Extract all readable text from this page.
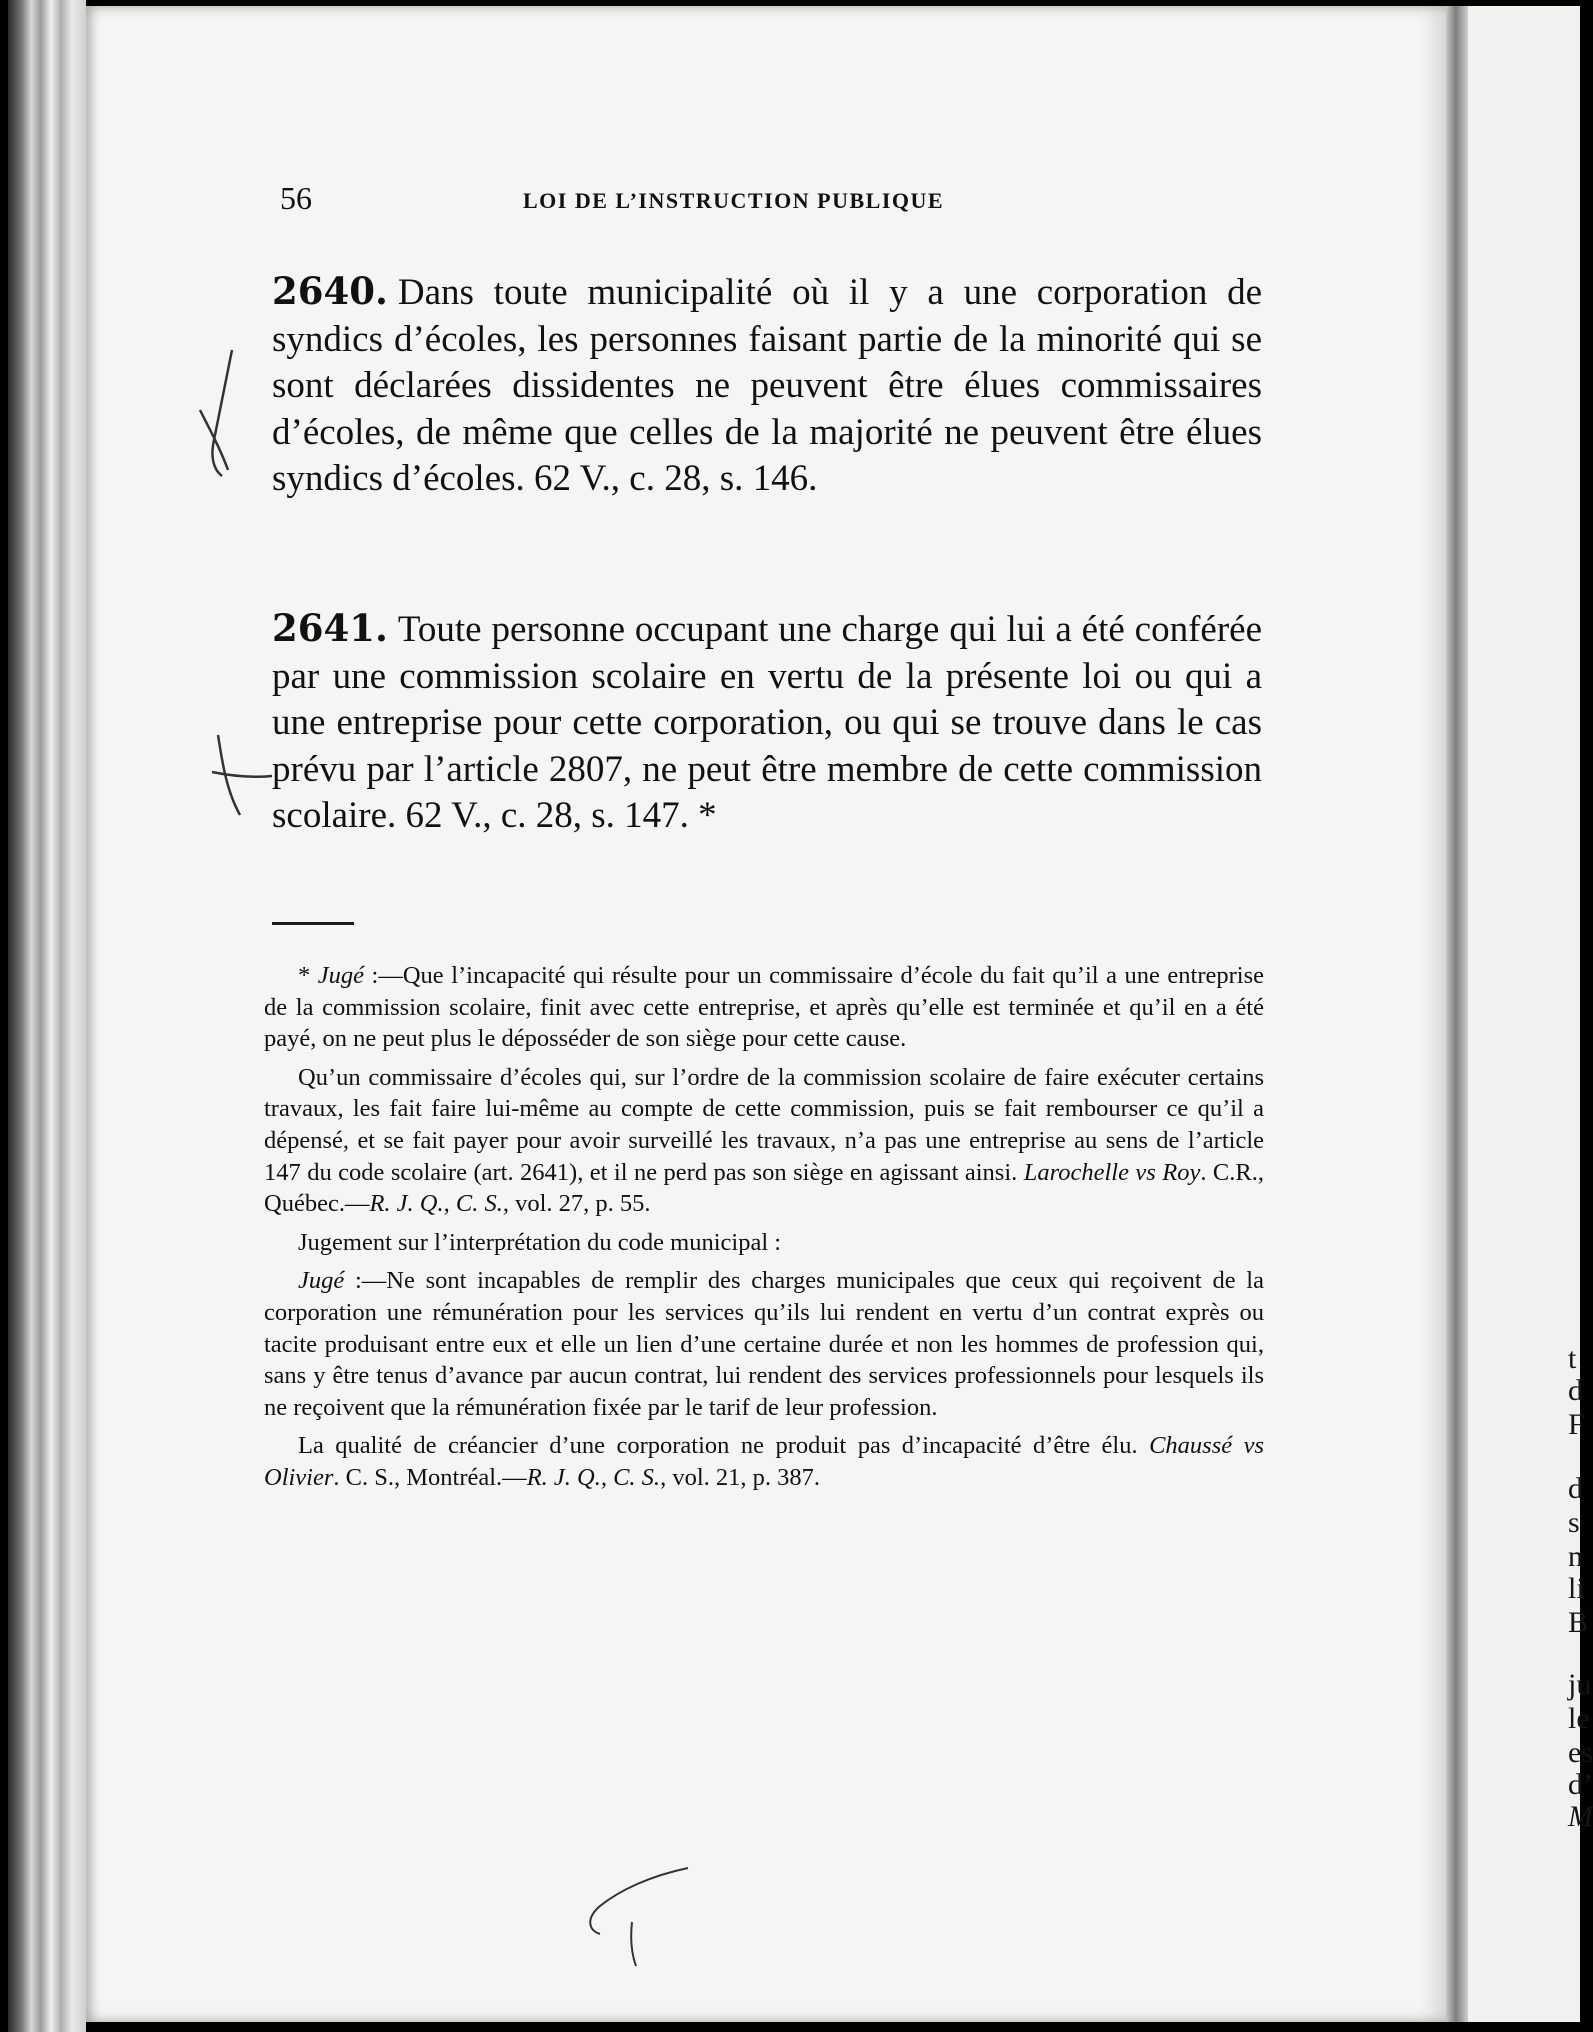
t
d
F
d
s
n
li
B
ju
le
es
d’
M
56	LOI DE L’INSTRUCTION PUBLIQUE
2640. Dans toute municipalité où il y a une corporation de syndics d’écoles, les personnes faisant partie de la minorité qui se sont déclarées dissidentes ne peuvent être élues commissaires d’écoles, de même que celles de la majorité ne peuvent être élues syndics d’écoles. 62 V., c. 28, s. 146.
2641. Toute personne occupant une charge qui lui a été conférée par une commission scolaire en vertu de la présente loi ou qui a une entreprise pour cette corporation, ou qui se trouve dans le cas prévu par l’article 2807, ne peut être membre de cette commission scolaire. 62 V., c. 28, s. 147. *

* Jugé :—Que l’incapacité qui résulte pour un commissaire d’école du fait qu’il a une entreprise de la commission scolaire, finit avec cette entreprise, et après qu’elle est terminée et qu’il en a été payé, on ne peut plus le déposséder de son siège pour cette cause.

Qu’un commissaire d’écoles qui, sur l’ordre de la commission scolaire de faire exécuter certains travaux, les fait faire lui-même au compte de cette commission, puis se fait rembourser ce qu’il a dépensé, et se fait payer pour avoir surveillé les travaux, n’a pas une entreprise au sens de l’article 147 du code scolaire (art. 2641), et il ne perd pas son siège en agissant ainsi. Larochelle vs Roy. C.R., Québec.—R. J. Q., C. S., vol. 27, p. 55.

Jugement sur l’interprétation du code municipal :

Jugé :—Ne sont incapables de remplir des charges municipales que ceux qui reçoivent de la corporation une rémunération pour les services qu’ils lui rendent en vertu d’un contrat exprès ou tacite produisant entre eux et elle un lien d’une certaine durée et non les hommes de profession qui, sans y être tenus d’avance par aucun contrat, lui rendent des services professionnels pour lesquels ils ne reçoivent que la rémunération fixée par le tarif de leur profession.

La qualité de créancier d’une corporation ne produit pas d’incapacité d’être élu. Chaussé vs Olivier. C. S., Montréal.—R. J. Q., C. S., vol. 21, p. 387.
